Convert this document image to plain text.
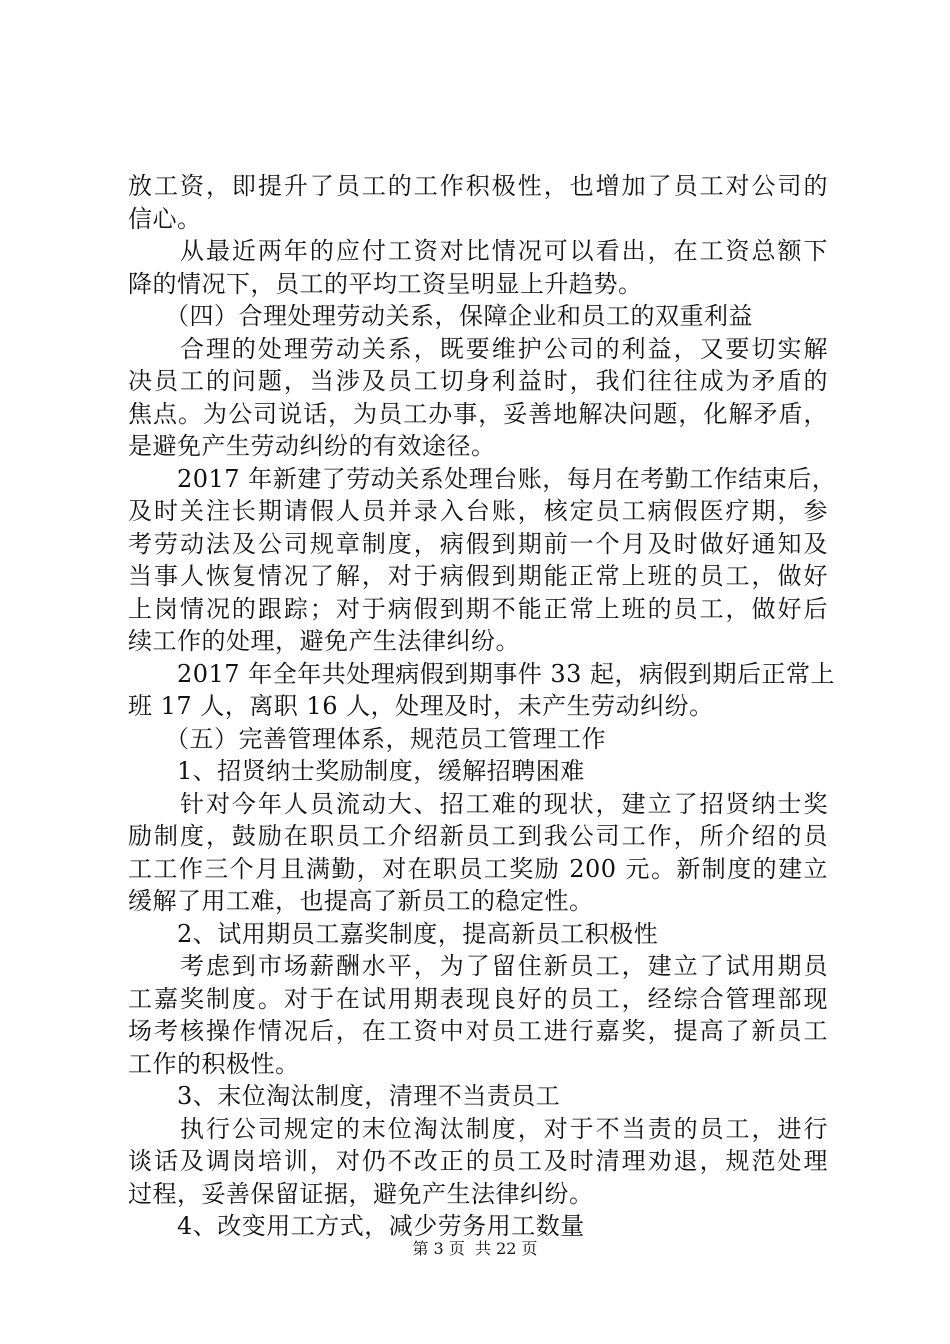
放工资，即提升了员工的工作积极性，也增加了员工对公司的
信心。
　　从最近两年的应付工资对比情况可以看出，在工资总额下
降的情况下，员工的平均工资呈明显上升趋势。
　　（四）合理处理劳动关系，保障企业和员工的双重利益
　　合理的处理劳动关系，既要维护公司的利益，又要切实解
决员工的问题，当涉及员工切身利益时，我们往往成为矛盾的
焦点。为公司说话，为员工办事，妥善地解决问题，化解矛盾，
是避免产生劳动纠纷的有效途径。
　　2017 年新建了劳动关系处理台账，每月在考勤工作结束后，
及时关注长期请假人员并录入台账，核定员工病假医疗期，参
考劳动法及公司规章制度，病假到期前一个月及时做好通知及
当事人恢复情况了解，对于病假到期能正常上班的员工，做好
上岗情况的跟踪；对于病假到期不能正常上班的员工，做好后
续工作的处理，避免产生法律纠纷。
　　2017 年全年共处理病假到期事件 33 起，病假到期后正常上
班 17 人，离职 16 人，处理及时，未产生劳动纠纷。
　　（五）完善管理体系，规范员工管理工作
　　1、招贤纳士奖励制度，缓解招聘困难
　　针对今年人员流动大、招工难的现状，建立了招贤纳士奖
励制度，鼓励在职员工介绍新员工到我公司工作，所介绍的员
工工作三个月且满勤，对在职员工奖励 200 元。新制度的建立
缓解了用工难，也提高了新员工的稳定性。
　　2、试用期员工嘉奖制度，提高新员工积极性
　　考虑到市场薪酬水平，为了留住新员工，建立了试用期员
工嘉奖制度。对于在试用期表现良好的员工，经综合管理部现
场考核操作情况后，在工资中对员工进行嘉奖，提高了新员工
工作的积极性。
　　3、末位淘汰制度，清理不当责员工
　　执行公司规定的末位淘汰制度，对于不当责的员工，进行
谈话及调岗培训，对仍不改正的员工及时清理劝退，规范处理
过程，妥善保留证据，避免产生法律纠纷。
　　4、改变用工方式，减少劳务用工数量
第 3 页  共 22 页
